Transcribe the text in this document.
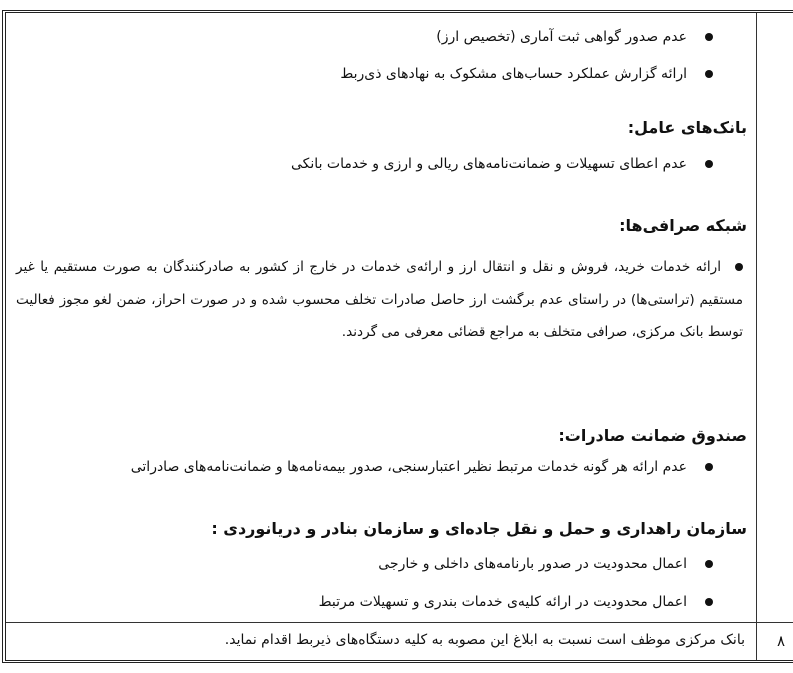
عدم صدور گواهی ثبت آماری (تخصیص ارز)
ارائه گزارش عملکرد حساب‌های مشکوک به نهادهای ذی‌ربط
بانک‌های عامل:
عدم اعطای تسهیلات و ضمانت‌نامه‌های ریالی و ارزی و خدمات بانکی
شبکه صرافی‌ها:
ارائه خدمات خرید، فروش و نقل و انتقال ارز و ارائه‌ی خدمات در خارج از کشور به صادرکنندگان به صورت مستقیم یا غیر مستقیم (تراستی‌ها) در راستای عدم برگشت ارز حاصل صادرات تخلف محسوب شده و در صورت احراز، ضمن لغو مجوز فعالیت توسط بانک مرکزی، صرافی متخلف به مراجع قضائی معرفی می گردند.
صندوق ضمانت صادرات:
عدم ارائه هر گونه خدمات مرتبط نظیر اعتبارسنجی، صدور بیمه‌نامه‌ها و ضمانت‌نامه‌های صادراتی
سازمان راهداری و حمل و نقل جاده‌ای و سازمان بنادر و دریانوردی :
اعمال محدودیت در صدور بارنامه‌های داخلی و خارجی
اعمال محدودیت در ارائه کلیه‌ی خدمات بندری و تسهیلات مرتبط
۸
بانک مرکزی موظف است نسبت به ابلاغ این مصوبه به کلیه دستگاه‌های ذیربط اقدام نماید.
